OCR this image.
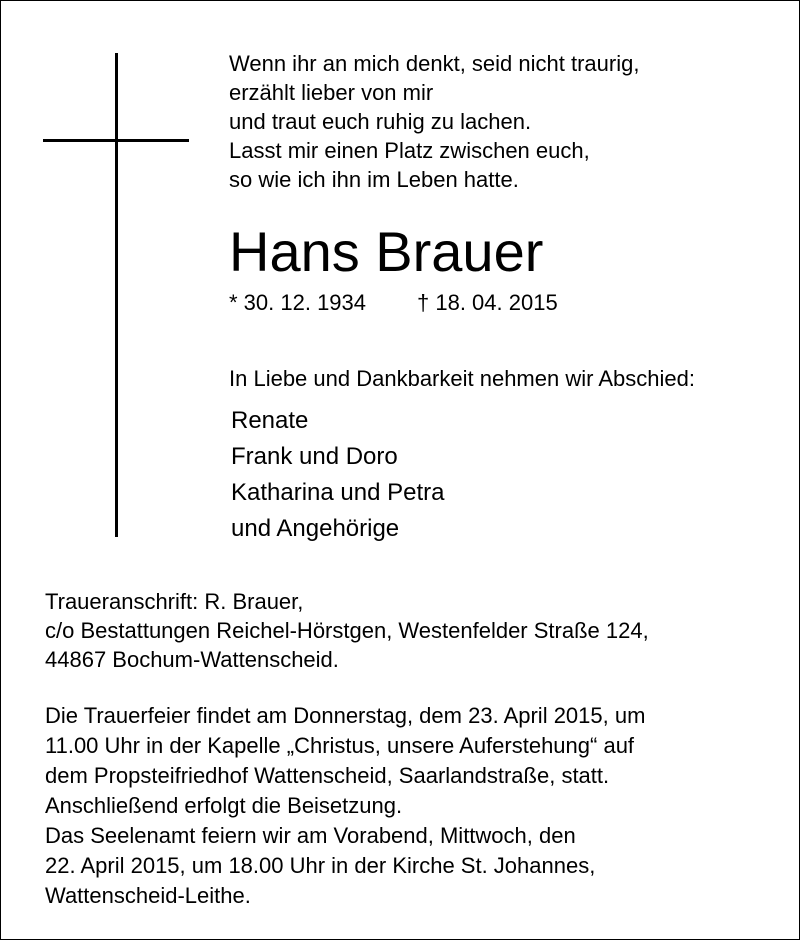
Wenn ihr an mich denkt, seid nicht traurig,
erzählt lieber von mir
und traut euch ruhig zu lachen.
Lasst mir einen Platz zwischen euch,
so wie ich ihn im Leben hatte.
Hans Brauer
* 30. 12. 1934 † 18. 04. 2015
In Liebe und Dankbarkeit nehmen wir Abschied:
Renate
Frank und Doro
Katharina und Petra
und Angehörige
Traueranschrift: R. Brauer,
c/o Bestattungen Reichel-Hörstgen, Westenfelder Straße 124,
44867 Bochum-Wattenscheid.
Die Trauerfeier findet am Donnerstag, dem 23. April 2015, um
11.00 Uhr in der Kapelle „Christus, unsere Auferstehung“ auf
dem Propsteifriedhof Wattenscheid, Saarlandstraße, statt.
Anschließend erfolgt die Beisetzung.
Das Seelenamt feiern wir am Vorabend, Mittwoch, den
22. April 2015, um 18.00 Uhr in der Kirche St. Johannes,
Wattenscheid-Leithe.
